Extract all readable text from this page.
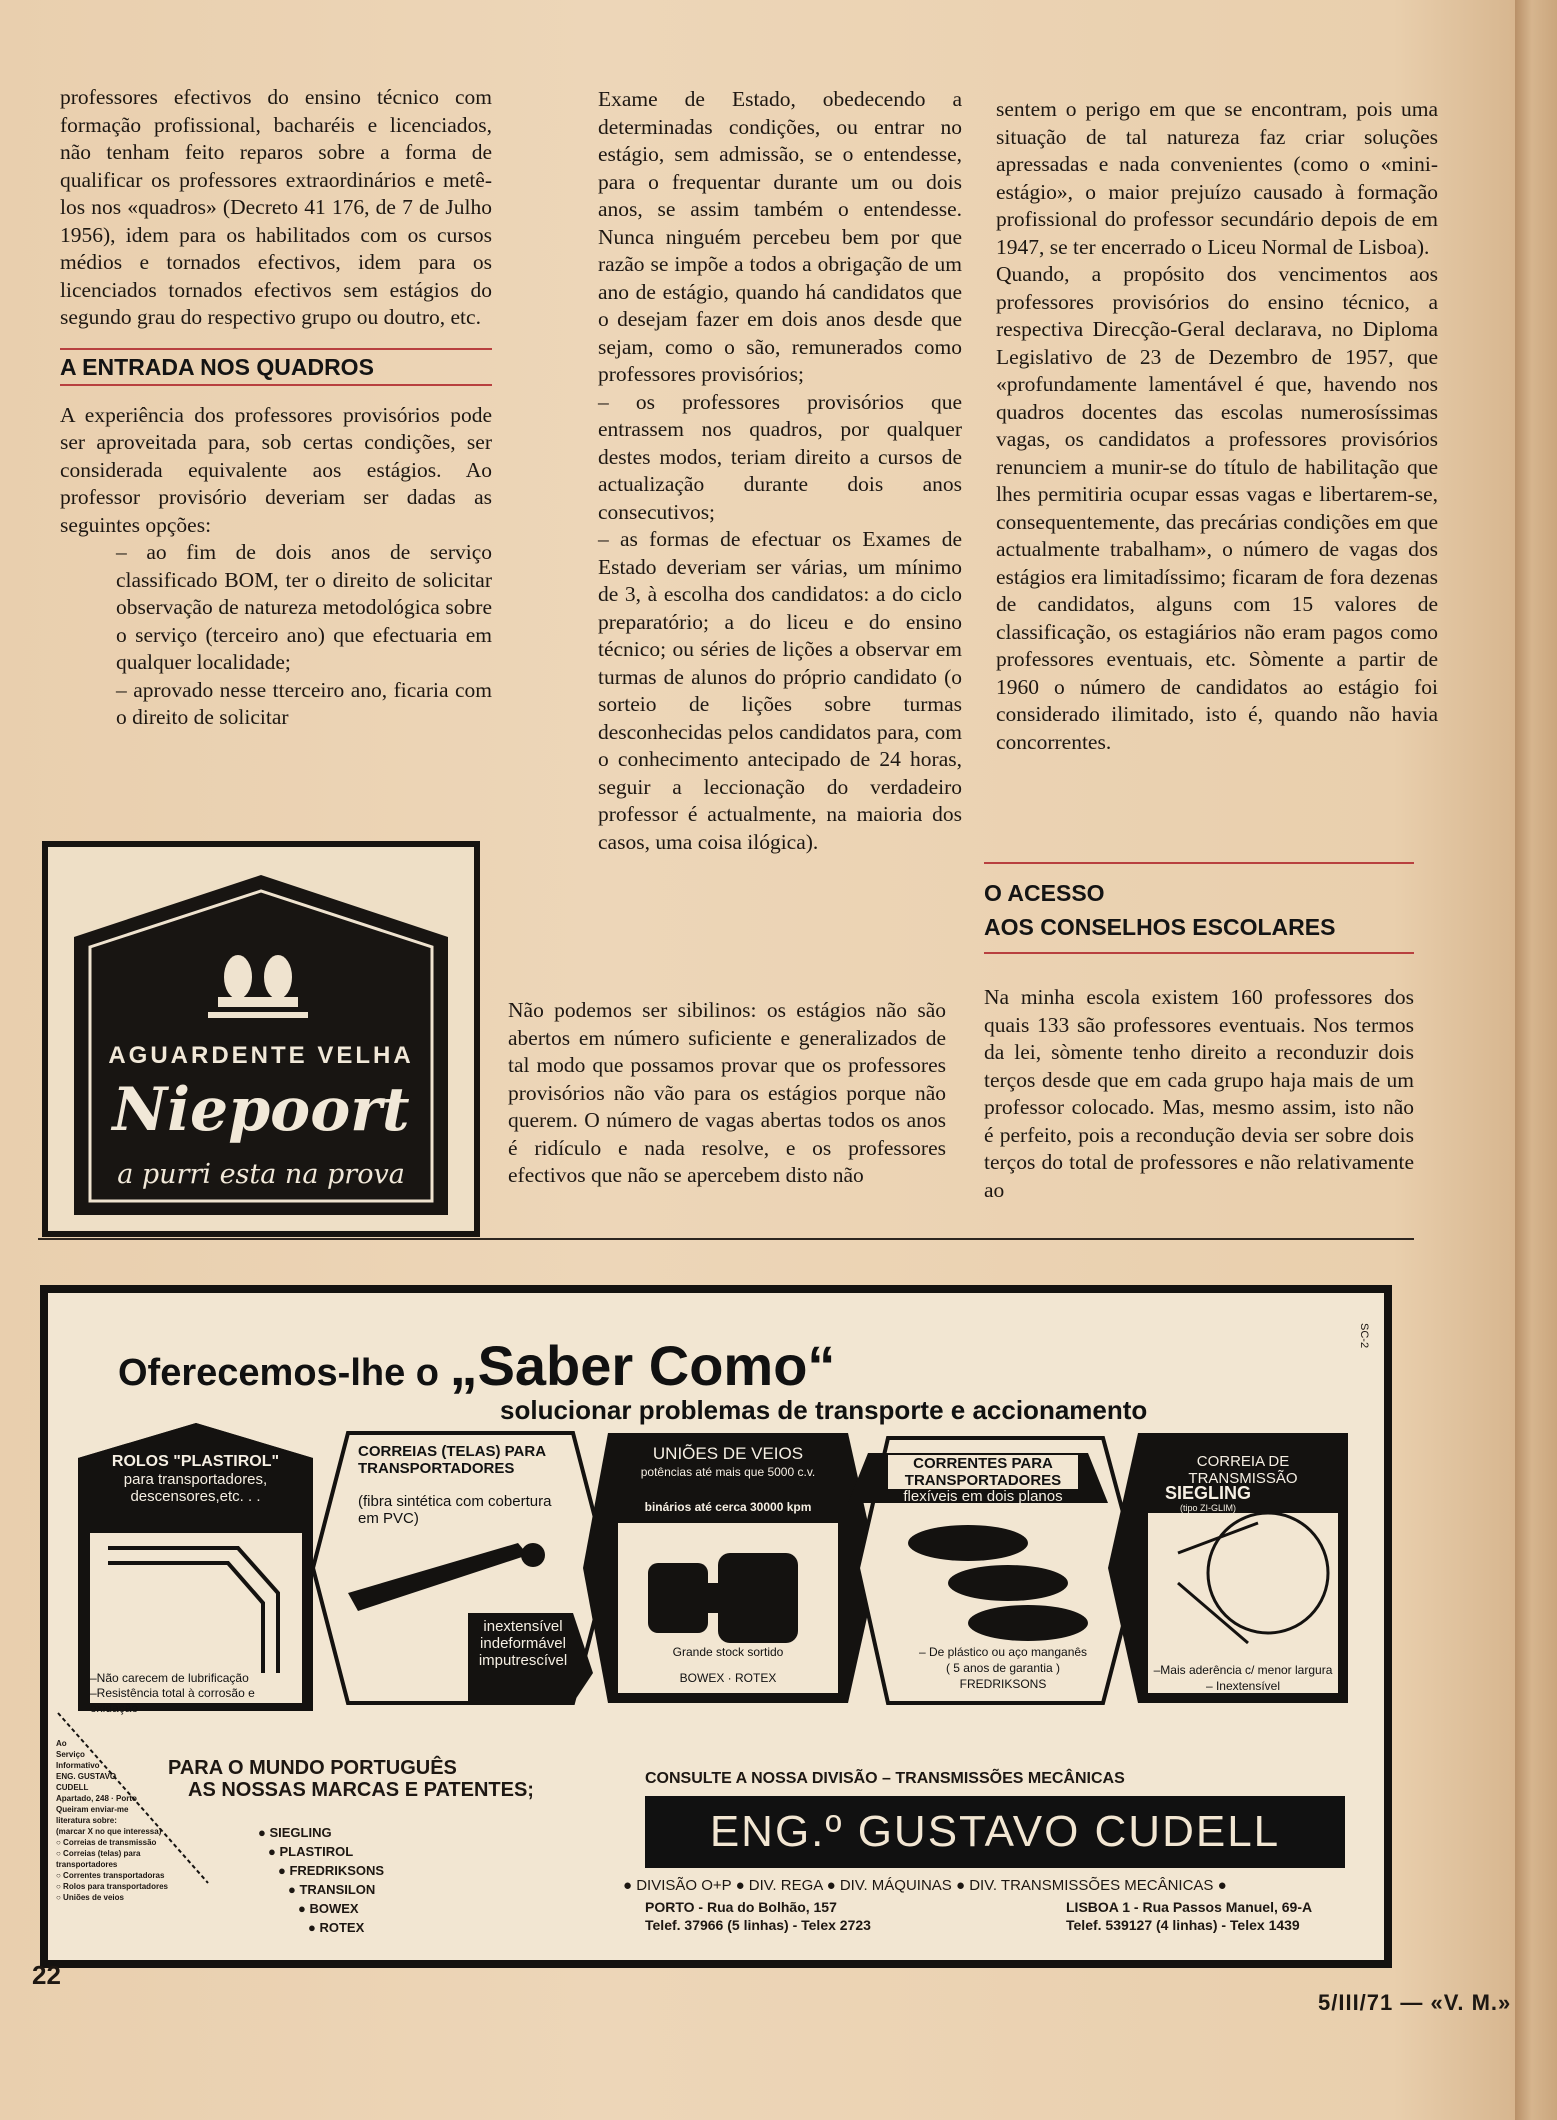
professores efectivos do ensino técnico com formação profissional, bacharéis e licenciados, não tenham feito reparos sobre a forma de qualificar os professores extraordinários e metê-los nos «quadros» (Decreto 41 176, de 7 de Julho 1956), idem para os habilitados com os cursos médios e tornados efectivos, idem para os licenciados tornados efectivos sem estágios do segundo grau do respectivo grupo ou doutro, etc.

A ENTRADA NOS QUADROS

A experiência dos professores provisórios pode ser aproveitada para, sob certas condições, ser considerada equivalente aos estágios. Ao professor provisório deveriam ser dadas as seguintes opções:

– ao fim de dois anos de serviço classificado BOM, ter o direito de solicitar observação de natureza metodológica sobre o serviço (terceiro ano) que efectuaria em qualquer localidade;

– aprovado nesse tterceiro ano, ficaria com o direito de solicitar

AGUARDENTE VELHA
Niepoort
a purri esta na prova

Exame de Estado, obedecendo a determinadas condições, ou entrar no estágio, sem admissão, se o entendesse, para o frequentar durante um ou dois anos, se assim também o entendesse. Nunca ninguém percebeu bem por que razão se impõe a todos a obrigação de um ano de estágio, quando há candidatos que o desejam fazer em dois anos desde que sejam, como o são, remunerados como professores provisórios;

– os professores provisórios que entrassem nos quadros, por qualquer destes modos, teriam direito a cursos de actualização durante dois anos consecutivos;

– as formas de efectuar os Exames de Estado deveriam ser várias, um mínimo de 3, à escolha dos candidatos: a do ciclo preparatório; a do liceu e do ensino técnico; ou séries de lições a observar em turmas de alunos do próprio candidato (o sorteio de lições sobre turmas desconhecidas pelos candidatos para, com o conhecimento antecipado de 24 horas, seguir a leccionação do verdadeiro professor é actualmente, na maioria dos casos, uma coisa ilógica).

Não podemos ser sibilinos: os estágios não são abertos em número suficiente e generalizados de tal modo que possamos provar que os professores provisórios não vão para os estágios porque não querem. O número de vagas abertas todos os anos é ridículo e nada resolve, e os professores efectivos que não se apercebem disto não

sentem o perigo em que se encontram, pois uma situação de tal natureza faz criar soluções apressadas e nada convenientes (como o «mini-estágio», o maior prejuízo causado à formação profissional do professor secundário depois de em 1947, se ter encerrado o Liceu Normal de Lisboa).

Quando, a propósito dos vencimentos aos professores provisórios do ensino técnico, a respectiva Direcção-Geral declarava, no Diploma Legislativo de 23 de Dezembro de 1957, que «profundamente lamentável é que, havendo nos quadros docentes das escolas numerosíssimas vagas, os candidatos a professores provisórios renunciem a munir-se do título de habilitação que lhes permitiria ocupar essas vagas e libertarem-se, consequentemente, das precárias condições em que actualmente trabalham», o número de vagas dos estágios era limitadíssimo; ficaram de fora dezenas de candidatos, alguns com 15 valores de classificação, os estagiários não eram pagos como professores eventuais, etc. Sòmente a partir de 1960 o número de candidatos ao estágio foi considerado ilimitado, isto é, quando não havia concorrentes.

O ACESSO

AOS CONSELHOS ESCOLARES

Na minha escola existem 160 professores dos quais 133 são professores eventuais. Nos termos da lei, sòmente tenho direito a reconduzir dois terços desde que em cada grupo haja mais de um professor colocado. Mas, mesmo assim, isto não é perfeito, pois a recondução devia ser sobre dois terços do total de professores e não relativamente ao

Oferecemos-lhe o „Saber Como“
solucionar problemas de transporte e accionamento
SC-2
ROLOS "PLASTIROL"
para transportadores, descensores,etc. . .
–Não carecem de lubrificação
–Resistência total à corrosão e oxidação
CORREIAS (TELAS) PARA TRANSPORTADORES
(fibra sintética com cobertura em PVC)
inextensível indeformável imputrescível
UNIÕES DE VEIOS
potências até mais que 5000 c.v.
binários até cerca 30000 kpm
Grande stock sortido
BOWEX · ROTEX
CORRENTES PARA TRANSPORTADORES
flexíveis em dois planos
– De plástico ou aço manganês
( 5 anos de garantia )
FREDRIKSONS
CORREIA DE TRANSMISSÃO
SIEGLING
(tipo ZI-GLIM)
–Mais aderência c/ menor largura
– Inextensível
Ao
Serviço
Informativo
ENG. GUSTAVO
CUDELL
Apartado, 248 · Porto
Queiram enviar-me
literatura sobre:
(marcar X no que interessa)
○ Correias de transmissão
○ Correias (telas) para transportadores
○ Correntes transportadoras
○ Rolos para transportadores
○ Uniões de veios
PARA O MUNDO PORTUGUÊS
AS NOSSAS MARCAS E PATENTES;
● SIEGLING
● PLASTIROL
● FREDRIKSONS
● TRANSILON
● BOWEX
● ROTEX
CONSULTE A NOSSA DIVISÃO – TRANSMISSÕES MECÂNICAS
ENG.º GUSTAVO CUDELL
● DIVISÃO O+P ● DIV. REGA ● DIV. MÁQUINAS ● DIV. TRANSMISSÕES MECÂNICAS ●
PORTO - Rua do Bolhão, 157
Telef. 37966 (5 linhas) - Telex 2723
LISBOA 1 - Rua Passos Manuel, 69-A
Telef. 539127 (4 linhas) - Telex 1439
22
5/III/71 — «V. M.»
